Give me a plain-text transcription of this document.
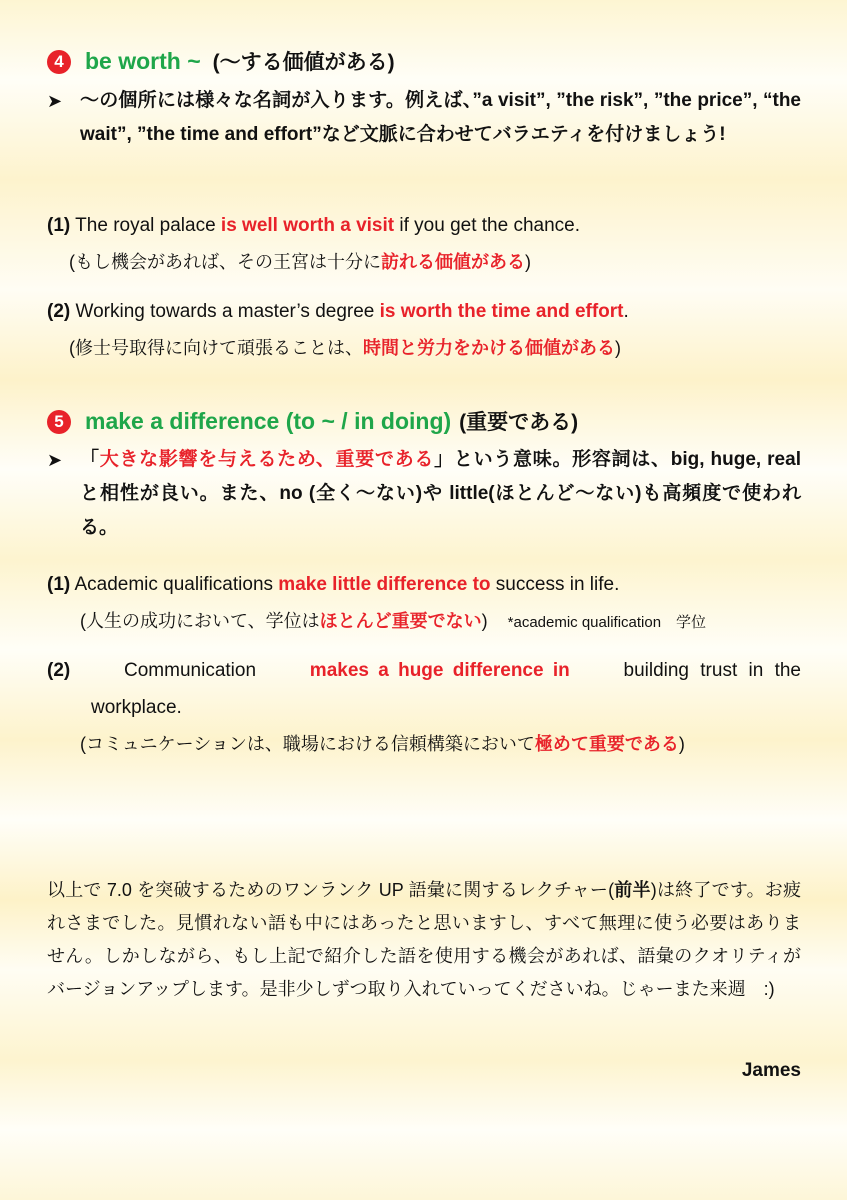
4 be worth ~ (～する価値がある)
➤ ～の個所には様々な名詞が入ります。例えば、”a visit”, ”the risk”, ”the price”, “the wait”, ”the time and effort”など文脈に合わせてバラエティを付けましょう!
(1) The royal palace is well worth a visit if you get the chance.
(もし機会があれば、その王宮は十分に訪れる価値がある)
(2) Working towards a master’s degree is worth the time and effort.
(修士号取得に向けて頑張ることは、時間と労力をかける価値がある)
5 make a difference (to ~ / in doing) (重要である)
➤ 「大きな影響を与えるため、重要である」という意味。形容詞は、big, huge, real と相性が良い。また、no (全く～ない)や little(ほとんど～ない)も高頻度で使われる。
(1) Academic qualifications make little difference to success in life.
(人生の成功において、学位はほとんど重要でない) *academic qualification　学位
(2)	Communication	makes a huge difference in	building trust in the
workplace.
(コミュニケーションは、職場における信頼構築において極めて重要である)
以上で 7.0 を突破するためのワンランク UP 語彙に関するレクチャー(前半)は終了です。お疲れさまでした。見慣れない語も中にはあったと思いますし、すべて無理に使う必要はありません。しかしながら、もし上記で紹介した語を使用する機会があれば、語彙のクオリティがバージョンアップします。是非少しずつ取り入れていってくださいね。じゃーまた来週　:)
James
